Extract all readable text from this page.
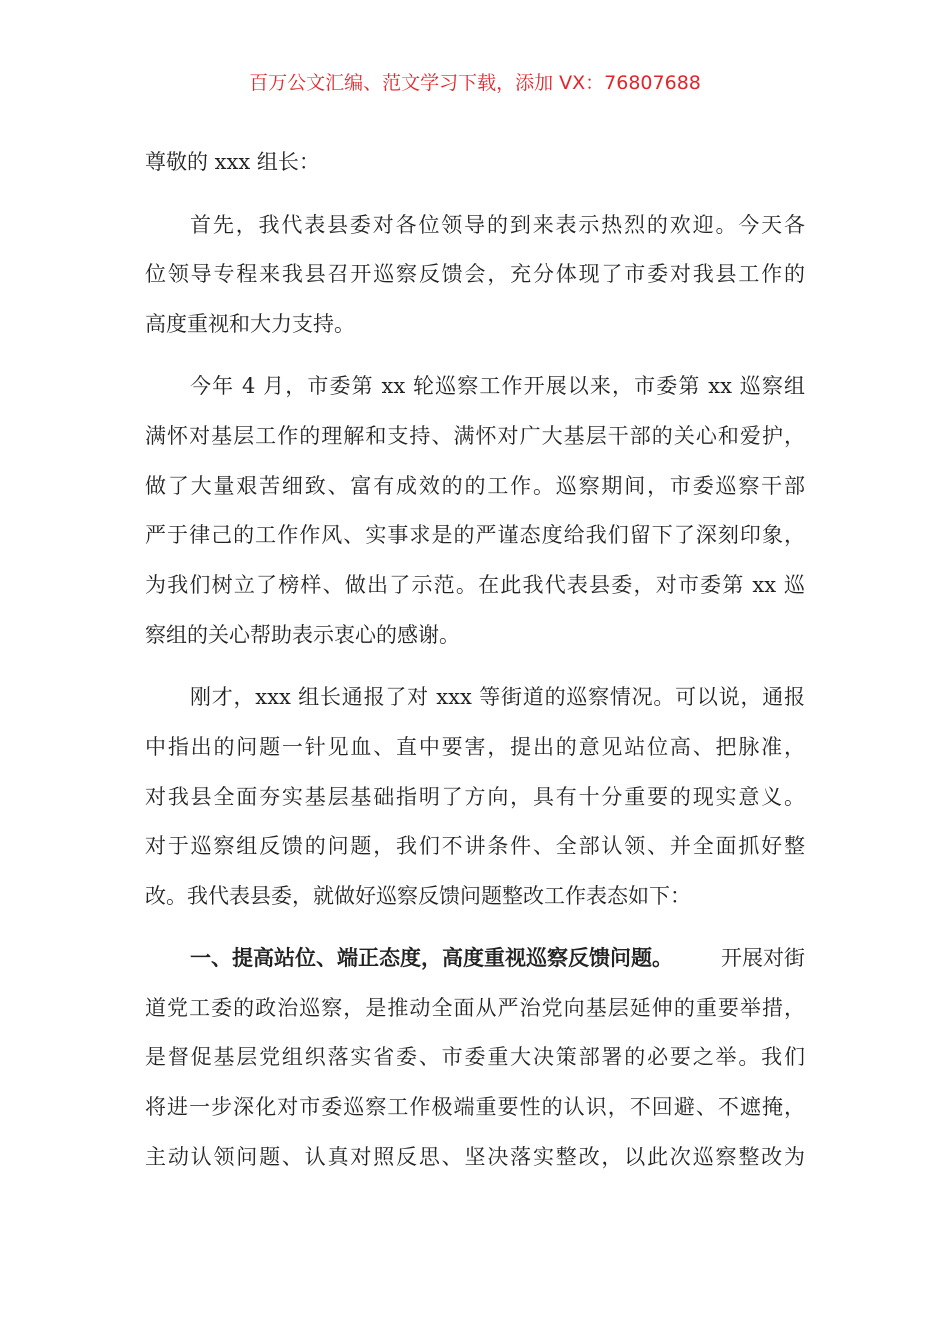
百万公文汇编、范文学习下载，添加 VX：76807688
尊敬的 xxx 组长：
首先，我代表县委对各位领导的到来表示热烈的欢迎。今天各
位领导专程来我县召开巡察反馈会，充分体现了市委对我县工作的
高度重视和大力支持。
今年 4 月，市委第 xx 轮巡察工作开展以来，市委第 xx 巡察组
满怀对基层工作的理解和支持、满怀对广大基层干部的关心和爱护，
做了大量艰苦细致、富有成效的的工作。巡察期间，市委巡察干部
严于律己的工作作风、实事求是的严谨态度给我们留下了深刻印象，
为我们树立了榜样、做出了示范。在此我代表县委，对市委第 xx 巡
察组的关心帮助表示衷心的感谢。
刚才，xxx 组长通报了对 xxx 等街道的巡察情况。可以说，通报
中指出的问题一针见血、直中要害，提出的意见站位高、把脉准，
对我县全面夯实基层基础指明了方向，具有十分重要的现实意义。
对于巡察组反馈的问题，我们不讲条件、全部认领、并全面抓好整
改。我代表县委，就做好巡察反馈问题整改工作表态如下：
一、提高站位、端正态度，高度重视巡察反馈问题。 开展对街
道党工委的政治巡察，是推动全面从严治党向基层延伸的重要举措，
是督促基层党组织落实省委、市委重大决策部署的必要之举。我们
将进一步深化对市委巡察工作极端重要性的认识，不回避、不遮掩，
主动认领问题、认真对照反思、坚决落实整改，以此次巡察整改为
